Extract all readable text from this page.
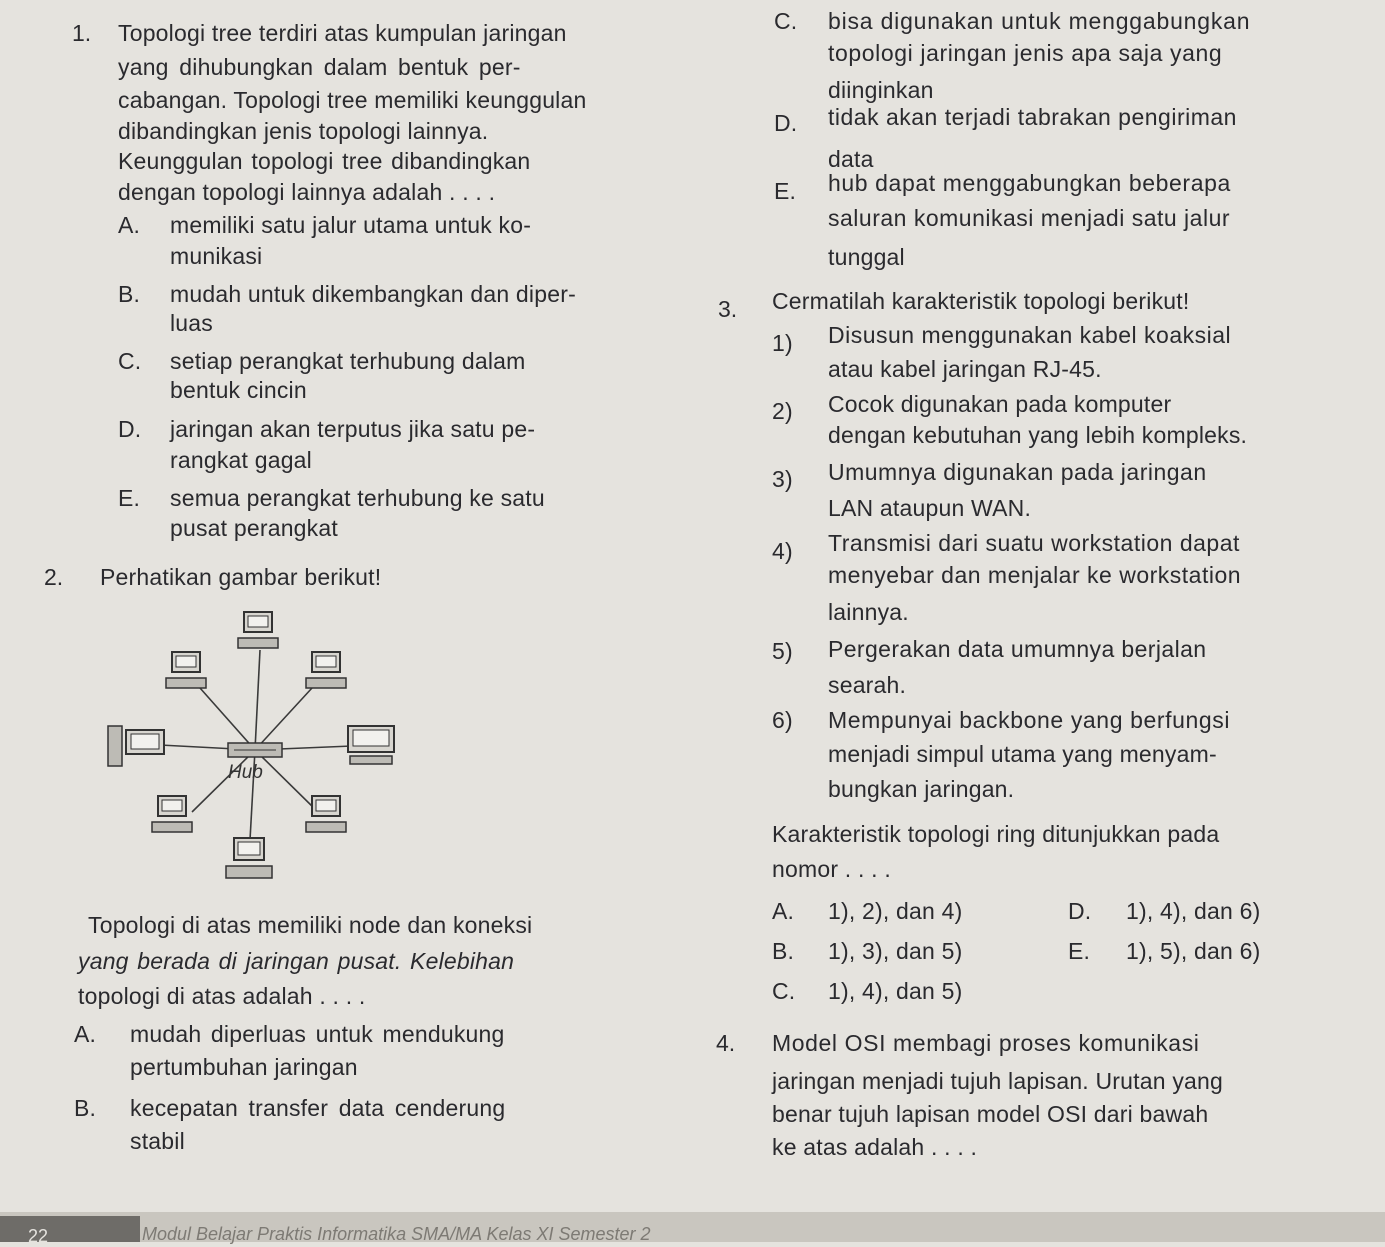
1. Topologi tree terdiri atas kumpulan jaringan
yang dihubungkan dalam bentuk per-
cabangan. Topologi tree memiliki keunggulan
dibandingkan jenis topologi lainnya.
Keunggulan topologi tree dibandingkan
dengan topologi lainnya adalah . . . .
A. memiliki satu jalur utama untuk ko-
munikasi
B. mudah untuk dikembangkan dan diper-
luas
C. setiap perangkat terhubung dalam
bentuk cincin
D. jaringan akan terputus jika satu pe-
rangkat gagal
E. semua perangkat terhubung ke satu
pusat perangkat
C. bisa digunakan untuk menggabungkan
topologi jaringan jenis apa saja yang
diinginkan
D. tidak akan terjadi tabrakan pengiriman
data
E. hub dapat menggabungkan beberapa
saluran komunikasi menjadi satu jalur
tunggal
2. Perhatikan gambar berikut!
Hub
Topologi di atas memiliki node dan koneksi
yang berada di jaringan pusat. Kelebihan
topologi di atas adalah . . . .
A. mudah diperluas untuk mendukung
pertumbuhan jaringan
B. kecepatan transfer data cenderung
stabil
3. Cermatilah karakteristik topologi berikut!
1) Disusun menggunakan kabel koaksial
atau kabel jaringan RJ-45.
2) Cocok digunakan pada komputer
dengan kebutuhan yang lebih kompleks.
3) Umumnya digunakan pada jaringan
LAN ataupun WAN.
4) Transmisi dari suatu workstation dapat
menyebar dan menjalar ke workstation
lainnya.
5) Pergerakan data umumnya berjalan
searah.
6) Mempunyai backbone yang berfungsi
menjadi simpul utama yang menyam-
bungkan jaringan.
Karakteristik topologi ring ditunjukkan pada
nomor . . . .
A. 1), 2), dan 4)
B. 1), 3), dan 5)
C. 1), 4), dan 5)
D. 1), 4), dan 6)
E. 1), 5), dan 6)
4. Model OSI membagi proses komunikasi
jaringan menjadi tujuh lapisan. Urutan yang
benar tujuh lapisan model OSI dari bawah
ke atas adalah . . . .
22	Modul Belajar Praktis Informatika SMA/MA Kelas XI Semester 2
